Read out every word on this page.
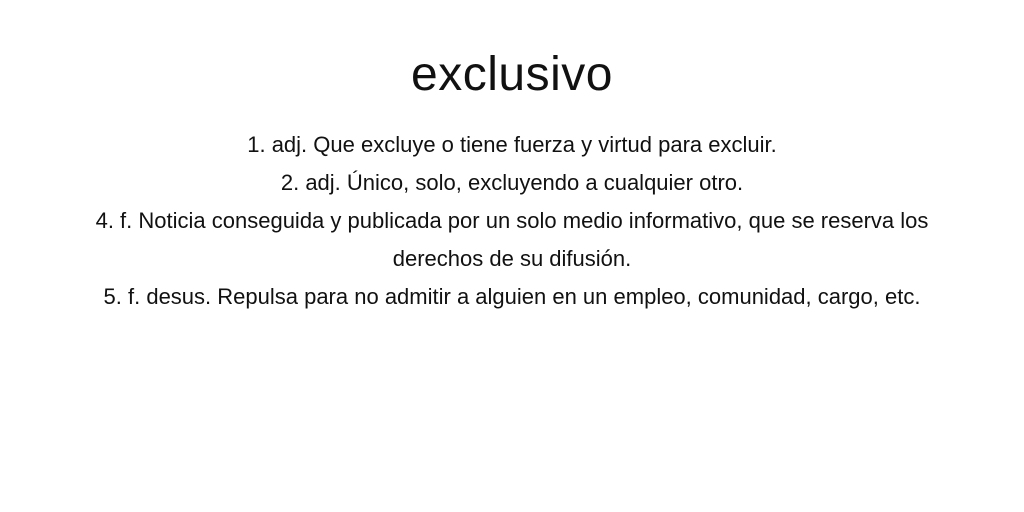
exclusivo
1. adj. Que excluye o tiene fuerza y virtud para excluir.
2. adj. Único, solo, excluyendo a cualquier otro.
4. f. Noticia conseguida y publicada por un solo medio informativo, que se reserva los derechos de su difusión.
5. f. desus. Repulsa para no admitir a alguien en un empleo, comunidad, cargo, etc.
